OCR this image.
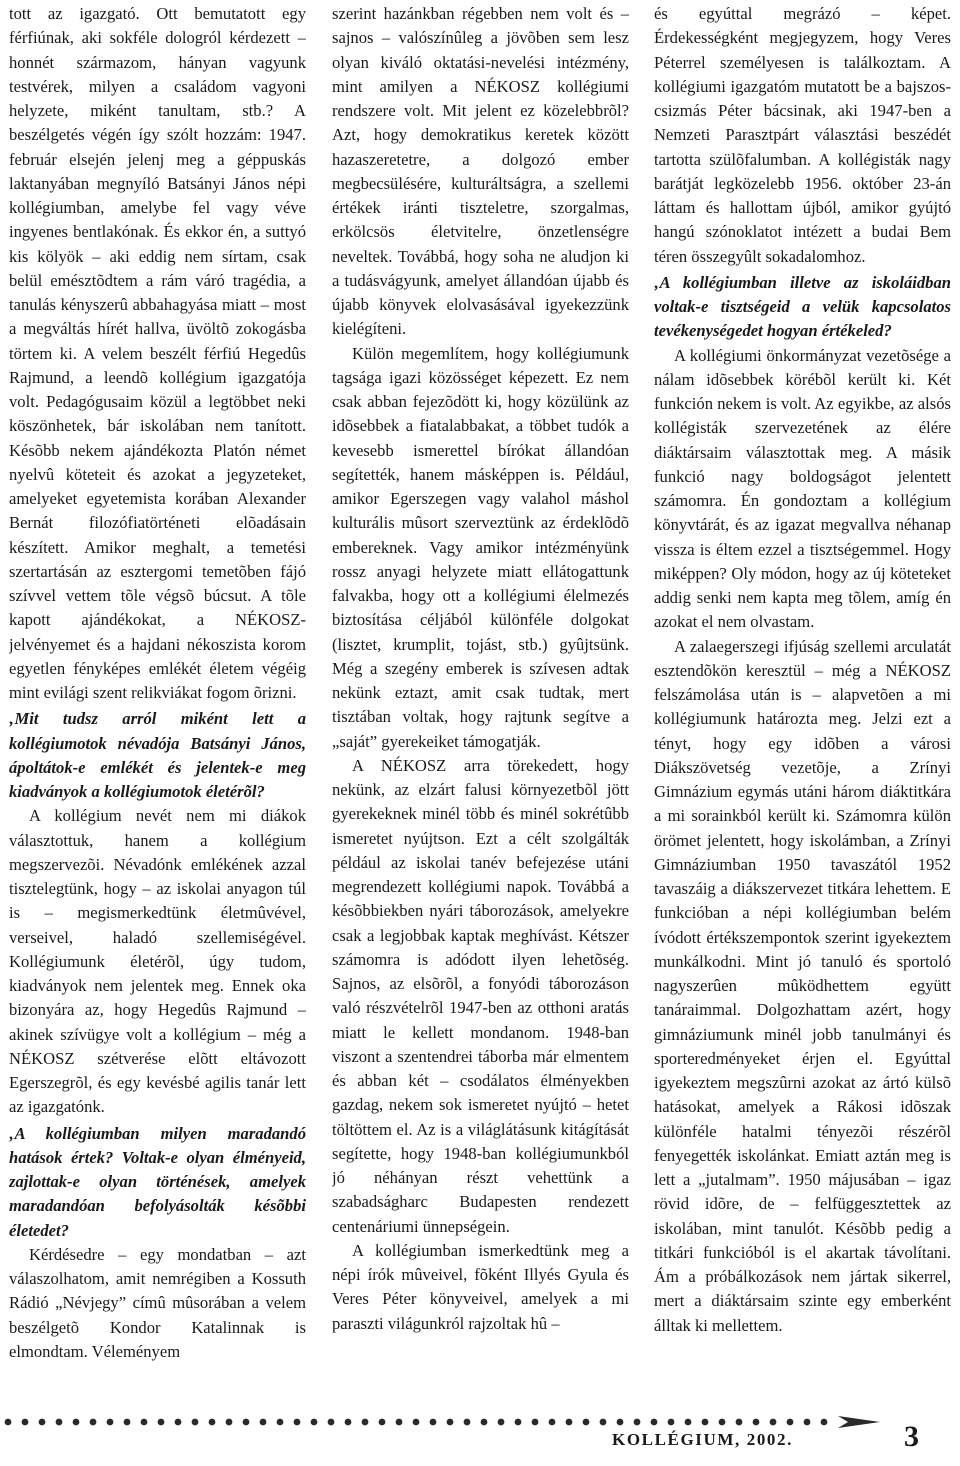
tott az igazgató. Ott bemutatott egy férfiúnak, aki sokféle dologról kérdezett – honnét származom, hányan vagyunk testvérek, milyen a családom vagyoni helyzete, miként tanultam, stb.? A beszélgetés végén így szólt hozzám: 1947. február elsején jelenj meg a géppuskás laktanyában megnyíló Batsányi János népi kollégiumban, amelybe fel vagy véve ingyenes bentlakónak. És ekkor én, a suttyó kis kölyök – aki eddig nem sírtam, csak belül emésztõdtem a rám váró tragédia, a tanulás kényszerû abbahagyása miatt – most a megváltás hírét hallva, üvöltõ zokogásba törtem ki. A velem beszélt férfiú Hegedûs Rajmund, a leendõ kollégium igazgatója volt. Pedagógusaim közül a legtöbbet neki köszönhetek, bár iskolában nem tanított. Késõbb nekem ajándékozta Platón német nyelvû köteteit és azokat a jegyzeteket, amelyeket egyetemista korában Alexander Bernát filozófiatörténeti elõadásain készített. Amikor meghalt, a temetési szertartásán az esztergomi temetõben fájó szívvel vettem tõle végsõ búcsut. A tõle kapott ajándékokat, a NÉKOSZ-jelvényemet és a hajdani nékoszista korom egyetlen fényképes emlékét életem végéig mint evilági szent relikviákat fogom õrizni.

‚Mit tudsz arról miként lett a kollégiumotok névadója Batsányi János, ápoltátok-e emlékét és jelentek-e meg kiadványok a kollégiumotok életérõl?

A kollégium nevét nem mi diákok választottuk, hanem a kollégium megszervezõi. Névadónk emlékének azzal tisztelegtünk, hogy – az iskolai anyagon túl is – megismerkedtünk életmûvével, verseivel, haladó szellemiségével. Kollégiumunk életérõl, úgy tudom, kiadványok nem jelentek meg. Ennek oka bizonyára az, hogy Hegedûs Rajmund – akinek szívügye volt a kollégium – még a NÉKOSZ szétverése elõtt eltávozott Egerszegrõl, és egy kevésbé agilis tanár lett az igazgatónk.

‚A kollégiumban milyen maradandó hatások értek? Voltak-e olyan élményeid, zajlottak-e olyan történések, amelyek maradandóan befolyásolták késõbbi életedet?

Kérdésedre – egy mondatban – azt válaszolhatom, amit nemrégiben a Kossuth Rádió „Névjegy” címû mûsorában a velem beszélgetõ Kondor Katalinnak is elmondtam. Véleményem

szerint hazánkban régebben nem volt és – sajnos – valószínûleg a jövõben sem lesz olyan kiváló oktatási-nevelési intézmény, mint amilyen a NÉKOSZ kollégiumi rendszere volt. Mit jelent ez közelebbrõl? Azt, hogy demokratikus keretek között hazaszeretetre, a dolgozó ember megbecsülésére, kulturáltságra, a szellemi értékek iránti tiszteletre, szorgalmas, erkölcsös életvitelre, önzetlenségre neveltek. Továbbá, hogy soha ne aludjon ki a tudásvágyunk, amelyet állandóan újabb és újabb könyvek elolvasásával igyekezzünk kielégíteni.

Külön megemlítem, hogy kollégiumunk tagsága igazi közösséget képezett. Ez nem csak abban fejezõdött ki, hogy közülünk az idõsebbek a fiatalabbakat, a többet tudók a kevesebb ismerettel bírókat állandóan segítették, hanem másképpen is. Például, amikor Egerszegen vagy valahol máshol kulturális mûsort szerveztünk az érdeklõdõ embereknek. Vagy amikor intézményünk rossz anyagi helyzete miatt ellátogattunk falvakba, hogy ott a kollégiumi élelmezés biztosítása céljából különféle dolgokat (lisztet, krumplit, tojást, stb.) gyûjtsünk. Még a szegény emberek is szívesen adtak nekünk eztazt, amit csak tudtak, mert tisztában voltak, hogy rajtunk segítve a „saját” gyerekeiket támogatják.

A NÉKOSZ arra törekedett, hogy nekünk, az elzárt falusi környezetbõl jött gyerekeknek minél több és minél sokrétûbb ismeretet nyújtson. Ezt a célt szolgálták például az iskolai tanév befejezése utáni megrendezett kollégiumi napok. Továbbá a késõbbiekben nyári táborozások, amelyekre csak a legjobbak kaptak meghívást. Kétszer számomra is adódott ilyen lehetõség. Sajnos, az elsõrõl, a fonyódi táborozáson való részvételrõl 1947-ben az otthoni aratás miatt le kellett mondanom. 1948-ban viszont a szentendrei táborba már elmentem és abban két – csodálatos élményekben gazdag, nekem sok ismeretet nyújtó – hetet töltöttem el. Az is a világlátásunk kitágítását segítette, hogy 1948-ban kollégiumunkból jó néhányan részt vehettünk a szabadságharc Budapesten rendezett centenáriumi ünnepségein.

A kollégiumban ismerkedtünk meg a népi írók mûveivel, fõként Illyés Gyula és Veres Péter könyveivel, amelyek a mi paraszti világunkról rajzoltak hû –

és egyúttal megrázó – képet. Érdekességként megjegyzem, hogy Veres Péterrel személyesen is találkoztam. A kollégiumi igazgatóm mutatott be a bajszos-csizmás Péter bácsinak, aki 1947-ben a Nemzeti Parasztpárt választási beszédét tartotta szülõfalumban. A kollégisták nagy barátját legközelebb 1956. október 23-án láttam és hallottam újból, amikor gyújtó hangú szónoklatot intézett a budai Bem téren összegyûlt sokadalomhoz.

‚A kollégiumban illetve az iskoláidban voltak-e tisztségeid a velük kapcsolatos tevékenységedet hogyan értékeled?

A kollégiumi önkormányzat vezetõsége a nálam idõsebbek körébõl került ki. Két funkción nekem is volt. Az egyikbe, az alsós kollégisták szervezetének az élére diáktársaim választottak meg. A másik funkció nagy boldogságot jelentett számomra. Én gondoztam a kollégium könyvtárát, és az igazat megvallva néhanap vissza is éltem ezzel a tisztségemmel. Hogy miképpen? Oly módon, hogy az új köteteket addig senki nem kapta meg tõlem, amíg én azokat el nem olvastam.

A zalaegerszegi ifjúság szellemi arculatát esztendõkön keresztül – még a NÉKOSZ felszámolása után is – alapvetõen a mi kollégiumunk határozta meg. Jelzi ezt a tényt, hogy egy idõben a városi Diákszövetség vezetõje, a Zrínyi Gimnázium egymás utáni három diáktitkára a mi sorainkból került ki. Számomra külön örömet jelentett, hogy iskolámban, a Zrínyi Gimnáziumban 1950 tavaszától 1952 tavaszáig a diákszervezet titkára lehettem. E funkcióban a népi kollégiumban belém ívódott értékszempontok szerint igyekeztem munkálkodni. Mint jó tanuló és sportoló nagyszerûen mûködhettem együtt tanáraimmal. Dolgozhattam azért, hogy gimnáziumunk minél jobb tanulmányi és sporteredményeket érjen el. Egyúttal igyekeztem megszûrni azokat az ártó külsõ hatásokat, amelyek a Rákosi idõszak különféle hatalmi tényezõi részérõl fenyegették iskolánkat. Emiatt aztán meg is lett a „jutalmam”. 1950 májusában – igaz rövid idõre, de – felfüggesztettek az iskolában, mint tanulót. Késõbb pedig a titkári funkcióból is el akartak távolítani. Ám a próbálkozások nem jártak sikerrel, mert a diáktársaim szinte egy emberként álltak ki mellettem.

KOLLÉGIUM, 2002.	3
